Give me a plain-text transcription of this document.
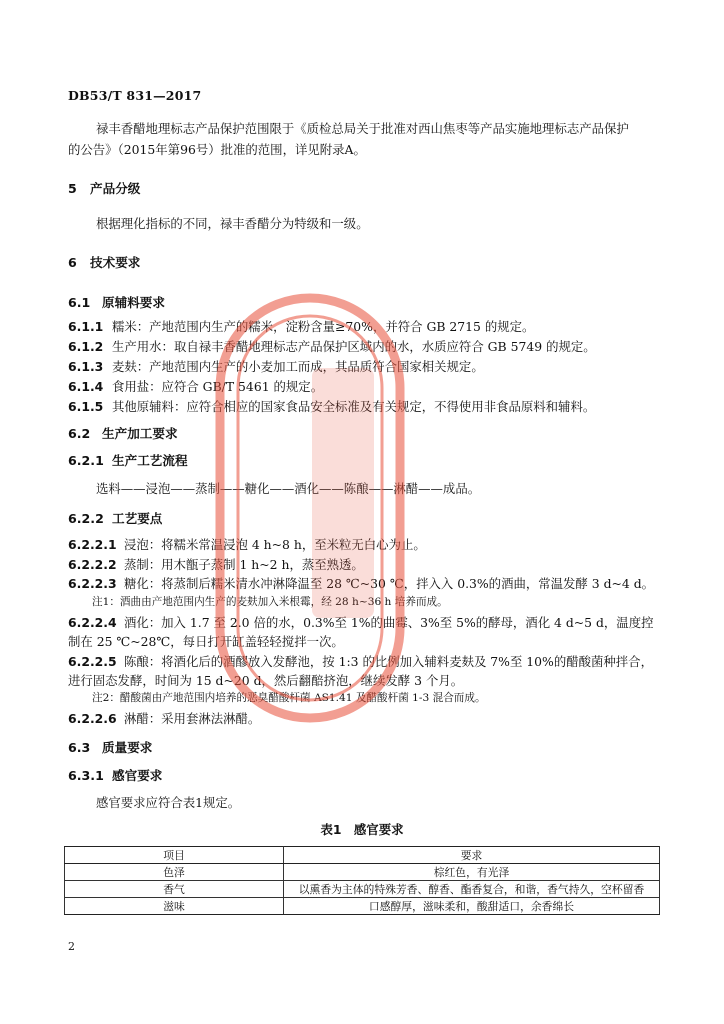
DB53/T 831—2017
禄丰香醋地理标志产品保护范围限于《质检总局关于批准对西山焦枣等产品实施地理标志产品保护
的公告》（2015年第96号）批准的范围，详见附录A。
5 产品分级
根据理化指标的不同，禄丰香醋分为特级和一级。
6 技术要求
6.1 原辅料要求
6.1.1 糯米：产地范围内生产的糯米，淀粉含量≥70%，并符合 GB 2715 的规定。
6.1.2 生产用水：取自禄丰香醋地理标志产品保护区域内的水，水质应符合 GB 5749 的规定。
6.1.3 麦麸：产地范围内生产的小麦加工而成，其品质符合国家相关规定。
6.1.4 食用盐：应符合 GB/T 5461 的规定。
6.1.5 其他原辅料：应符合相应的国家食品安全标准及有关规定，不得使用非食品原料和辅料。
6.2 生产加工要求
6.2.1 生产工艺流程
选料——浸泡——蒸制——糖化——酒化——陈酿——淋醋——成品。
6.2.2 工艺要点
6.2.2.1 浸泡：将糯米常温浸泡 4 h~8 h，至米粒无白心为止。
6.2.2.2 蒸制：用木甑子蒸制 1 h~2 h，蒸至熟透。
6.2.2.3 糖化：将蒸制后糯米清水冲淋降温至 28 ℃~30 ℃，拌入入 0.3%的酒曲，常温发酵 3 d~4 d。
注1：酒曲由产地范围内生产的麦麸加入米根霉，经 28 h~36 h 培养而成。
6.2.2.4 酒化：加入 1.7 至 2.0 倍的水，0.3%至 1%的曲霉、3%至 5%的酵母，酒化 4 d~5 d，温度控
制在 25 ℃~28℃，每日打开缸盖轻轻搅拌一次。
6.2.2.5 陈酿：将酒化后的酒醪放入发酵池，按 1:3 的比例加入辅料麦麸及 7%至 10%的醋酸菌种拌合，
进行固态发酵，时间为 15 d~20 d，然后翻醅挤泡，继续发酵 3 个月。
注2：醋酸菌由产地范围内培养的恶臭醋酸杆菌 AS1.41 及醋酸杆菌 1-3 混合而成。
6.2.2.6 淋醋：采用套淋法淋醋。
6.3 质量要求
6.3.1 感官要求
感官要求应符合表1规定。
表1　感官要求
项目	要求
色泽	棕红色，有光泽
香气	以熏香为主体的特殊芳香、醇香、酯香复合，和谐，香气持久，空杯留香
滋味	口感醇厚，滋味柔和，酸甜适口，余香绵长
2
